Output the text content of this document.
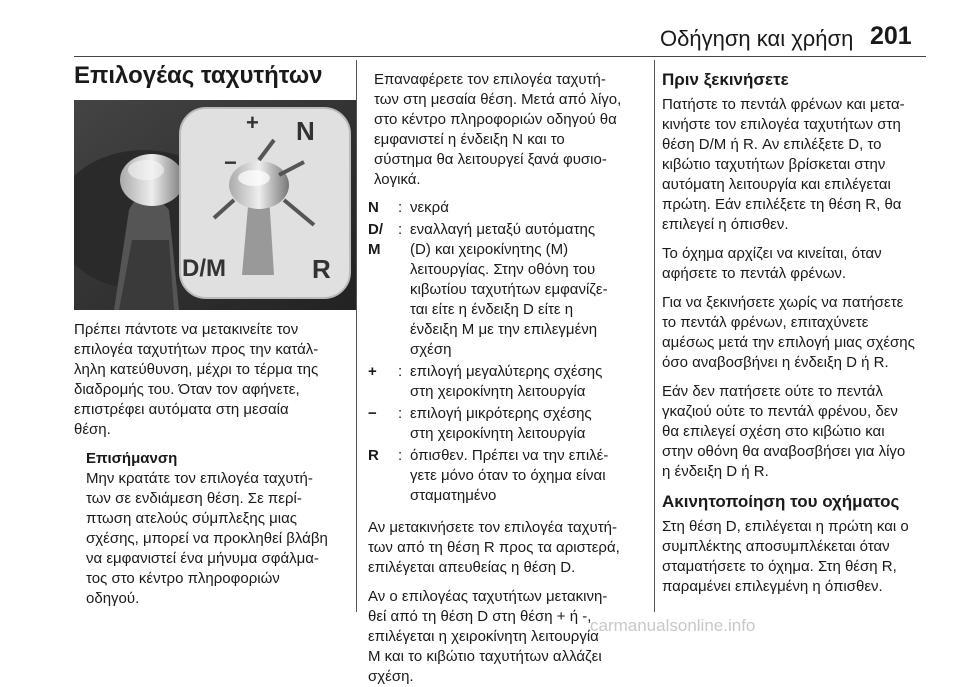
Οδήγηση και χρήση 201
Επιλογέας ταχυτήτων
D/M
N
R
+
−

Πρέπει πάντοτε να μετακινείτε τον
επιλογέα ταχυτήτων προς την κατάλ-
ληλη κατεύθυνση, μέχρι το τέρμα της
διαδρομής του. Όταν τον αφήνετε,
επιστρέφει αυτόματα στη μεσαία
θέση.

Επισήμανση

Μην κρατάτε τον επιλογέα ταχυτή-
των σε ενδιάμεση θέση. Σε περί-
πτωση ατελούς σύμπλεξης μιας
σχέσης, μπορεί να προκληθεί βλάβη
να εμφανιστεί ένα μήνυμα σφάλμα-
τος στο κέντρο πληροφοριών
οδηγού.

Επαναφέρετε τον επιλογέα ταχυτή-
των στη μεσαία θέση. Μετά από λίγο,
στο κέντρο πληροφοριών οδηγού θα
εμφανιστεί η ένδειξη N και το
σύστημα θα λειτουργεί ξανά φυσιο-
λογικά.
N	: νεκρά
D/
M
: εναλλαγή μεταξύ αυτόματης
(D) και χειροκίνητης (M)
λειτουργίας. Στην οθόνη του
κιβωτίου ταχυτήτων εμφανίζε-
ται είτε η ένδειξη D είτε η
ένδειξη M με την επιλεγμένη
σχέση
+	: επιλογή μεγαλύτερης σχέσης
στη χειροκίνητη λειτουργία
−	: επιλογή μικρότερης σχέσης
στη χειροκίνητη λειτουργία
R	: όπισθεν. Πρέπει να την επιλέ-
γετε μόνο όταν το όχημα είναι
σταματημένο

Αν μετακινήσετε τον επιλογέα ταχυτή-
των από τη θέση R προς τα αριστερά,
επιλέγεται απευθείας η θέση D.

Αν ο επιλογέας ταχυτήτων μετακινη-
θεί από τη θέση D στη θέση + ή -,
επιλέγεται η χειροκίνητη λειτουργία
M και το κιβώτιο ταχυτήτων αλλάζει
σχέση.

Πριν ξεκινήσετε

Πατήστε το πεντάλ φρένων και μετα-
κινήστε τον επιλογέα ταχυτήτων στη
θέση D/M ή R. Αν επιλέξετε D, το
κιβώτιο ταχυτήτων βρίσκεται στην
αυτόματη λειτουργία και επιλέγεται
πρώτη. Εάν επιλέξετε τη θέση R, θα
επιλεγεί η όπισθεν.

Το όχημα αρχίζει να κινείται, όταν
αφήσετε το πεντάλ φρένων.

Για να ξεκινήσετε χωρίς να πατήσετε
το πεντάλ φρένων, επιταχύνετε
αμέσως μετά την επιλογή μιας σχέσης
όσο αναβοσβήνει η ένδειξη D ή R.

Εάν δεν πατήσετε ούτε το πεντάλ
γκαζιού ούτε το πεντάλ φρένου, δεν
θα επιλεγεί σχέση στο κιβώτιο και
στην οθόνη θα αναβοσβήσει για λίγο
η ένδειξη D ή R.

Ακινητοποίηση του οχήματος

Στη θέση D, επιλέγεται η πρώτη και ο
συμπλέκτης αποσυμπλέκεται όταν
σταματήσετε το όχημα. Στη θέση R,
παραμένει επιλεγμένη η όπισθεν.

carmanualsonline.info
